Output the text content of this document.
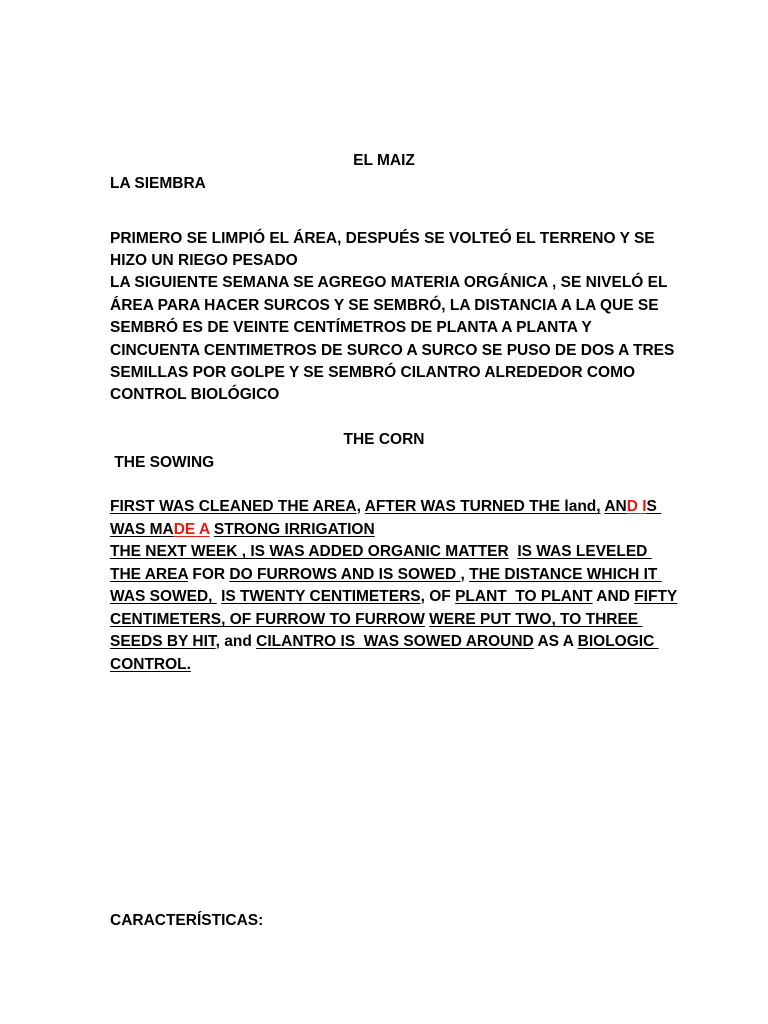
EL MAIZ
LA SIEMBRA
PRIMERO SE LIMPIÓ EL ÁREA, DESPUÉS SE VOLTEÓ EL TERRENO Y SE
HIZO UN RIEGO PESADO
LA SIGUIENTE SEMANA SE AGREGO MATERIA ORGÁNICA , SE NIVELÓ EL
ÁREA PARA HACER SURCOS Y SE SEMBRÓ, LA DISTANCIA A LA QUE SE
SEMBRÓ ES DE VEINTE CENTÍMETROS DE PLANTA A PLANTA Y
CINCUENTA CENTIMETROS DE SURCO A SURCO SE PUSO DE DOS A TRES
SEMILLAS POR GOLPE Y SE SEMBRÓ CILANTRO ALREDEDOR COMO
CONTROL BIOLÓGICO
THE CORN
THE SOWING
FIRST WAS CLEANED THE AREA, AFTER WAS TURNED THE land, AND IS
WAS MADE A STRONG IRRIGATION
THE NEXT WEEK , IS WAS ADDED ORGANIC MATTER IS WAS LEVELED
THE AREA FOR DO FURROWS AND IS SOWED , THE DISTANCE WHICH IT
WAS SOWED,  IS TWENTY CENTIMETERS, OF PLANT  TO PLANT AND FIFTY
CENTIMETERS, OF FURROW TO FURROW WERE PUT TWO, TO THREE
SEEDS BY HIT, and CILANTRO IS  WAS SOWED AROUND AS A BIOLOGIC
CONTROL.
CARACTERÍSTICAS:
